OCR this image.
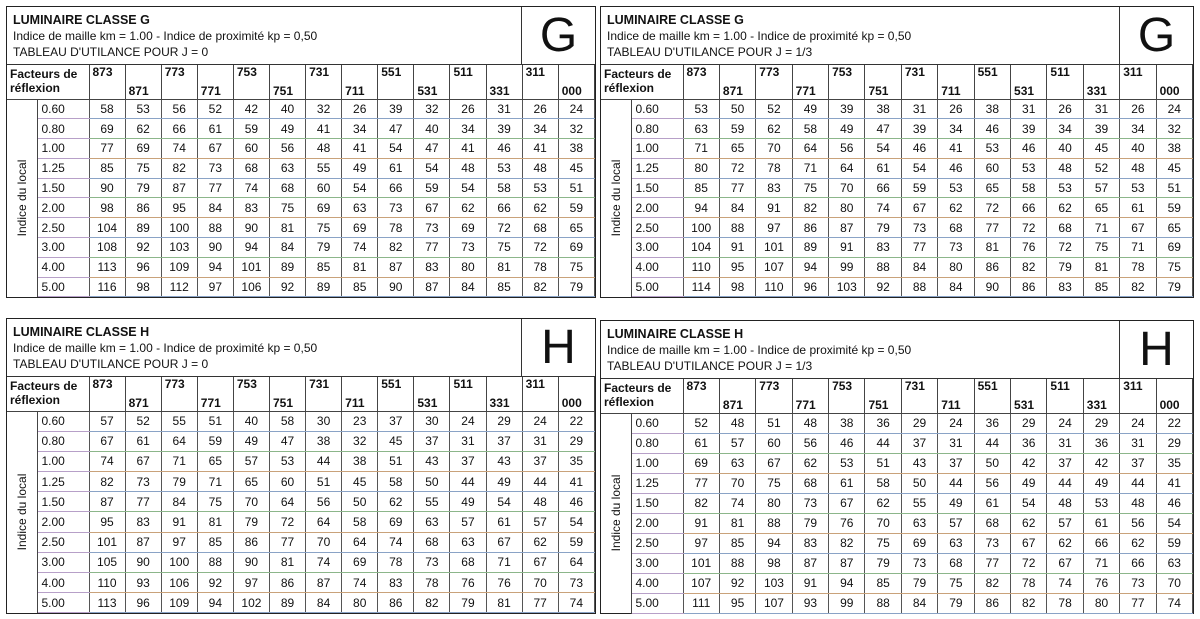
LUMINAIRE CLASSE G
Indice de maille km = 1.00 - Indice de proximité kp = 0,50
TABLEAU D'UTILANCE POUR J = 0	G
Facteurs de réflexion		873	871	773	771	753	751	731	711	551	531	511	331	311	000

Indice du local	0.60	58	53	56	52	42	40	32	26	39	32	26	31	26	24
	0.80	69	62	66	61	59	49	41	34	47	40	34	39	34	32
	1.00	77	69	74	67	60	56	48	41	54	47	41	46	41	38
	1.25	85	75	82	73	68	63	55	49	61	54	48	53	48	45
	1.50	90	79	87	77	74	68	60	54	66	59	54	58	53	51
	2.00	98	86	95	84	83	75	69	63	73	67	62	66	62	59
	2.50	104	89	100	88	90	81	75	69	78	73	69	72	68	65
	3.00	108	92	103	90	94	84	79	74	82	77	73	75	72	69
	4.00	113	96	109	94	101	89	85	81	87	83	80	81	78	75
	5.00	116	98	112	97	106	92	89	85	90	87	84	85	82	79
LUMINAIRE CLASSE G
Indice de maille km = 1.00 - Indice de proximité kp = 0,50
TABLEAU D'UTILANCE POUR J = 1/3	G
Facteurs de réflexion		873	871	773	771	753	751	731	711	551	531	511	331	311	000

Indice du local	0.60	53	50	52	49	39	38	31	26	38	31	26	31	26	24
	0.80	63	59	62	58	49	47	39	34	46	39	34	39	34	32
	1.00	71	65	70	64	56	54	46	41	53	46	40	45	40	38
	1.25	80	72	78	71	64	61	54	46	60	53	48	52	48	45
	1.50	85	77	83	75	70	66	59	53	65	58	53	57	53	51
	2.00	94	84	91	82	80	74	67	62	72	66	62	65	61	59
	2.50	100	88	97	86	87	79	73	68	77	72	68	71	67	65
	3.00	104	91	101	89	91	83	77	73	81	76	72	75	71	69
	4.00	110	95	107	94	99	88	84	80	86	82	79	81	78	75
	5.00	114	98	110	96	103	92	88	84	90	86	83	85	82	79
LUMINAIRE CLASSE H
Indice de maille km = 1.00 - Indice de proximité kp = 0,50
TABLEAU D'UTILANCE POUR J = 0	H
Facteurs de réflexion		873	871	773	771	753	751	731	711	551	531	511	331	311	000

Indice du local	0.60	57	52	55	51	40	58	30	23	37	30	24	29	24	22
	0.80	67	61	64	59	49	47	38	32	45	37	31	37	31	29
	1.00	74	67	71	65	57	53	44	38	51	43	37	43	37	35
	1.25	82	73	79	71	65	60	51	45	58	50	44	49	44	41
	1.50	87	77	84	75	70	64	56	50	62	55	49	54	48	46
	2.00	95	83	91	81	79	72	64	58	69	63	57	61	57	54
	2.50	101	87	97	85	86	77	70	64	74	68	63	67	62	59
	3.00	105	90	100	88	90	81	74	69	78	73	68	71	67	64
	4.00	110	93	106	92	97	86	87	74	83	78	76	76	70	73
	5.00	113	96	109	94	102	89	84	80	86	82	79	81	77	74
LUMINAIRE CLASSE H
Indice de maille km = 1.00 - Indice de proximité kp = 0,50
TABLEAU D'UTILANCE POUR J = 1/3	H
Facteurs de réflexion		873	871	773	771	753	751	731	711	551	531	511	331	311	000

Indice du local	0.60	52	48	51	48	38	36	29	24	36	29	24	29	24	22
	0.80	61	57	60	56	46	44	37	31	44	36	31	36	31	29
	1.00	69	63	67	62	53	51	43	37	50	42	37	42	37	35
	1.25	77	70	75	68	61	58	50	44	56	49	44	49	44	41
	1.50	82	74	80	73	67	62	55	49	61	54	48	53	48	46
	2.00	91	81	88	79	76	70	63	57	68	62	57	61	56	54
	2.50	97	85	94	83	82	75	69	63	73	67	62	66	62	59
	3.00	101	88	98	87	87	79	73	68	77	72	67	71	66	63
	4.00	107	92	103	91	94	85	79	75	82	78	74	76	73	70
	5.00	111	95	107	93	99	88	84	79	86	82	78	80	77	74
